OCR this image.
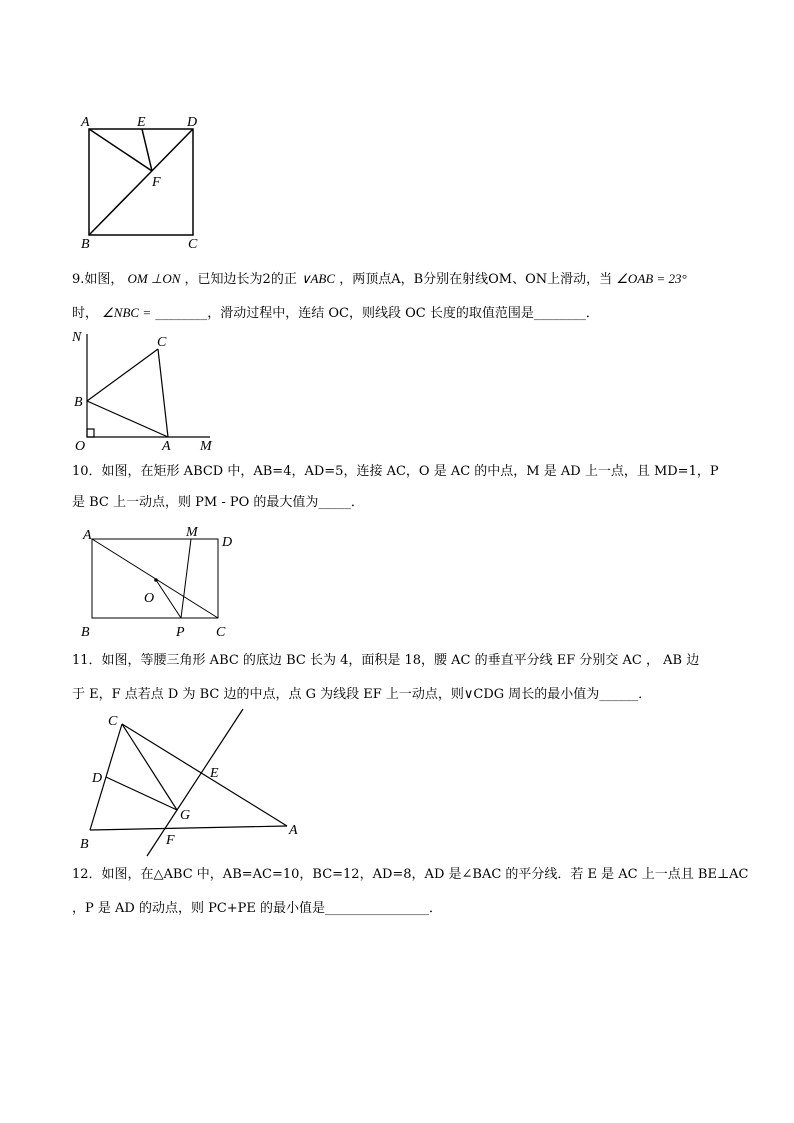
A	E	D
F
B	C
9.如图， OM ⊥ON ，已知边长为2的正 ∨ABC ，两顶点A，B分别在射线OM、ON上滑动，当 ∠OAB = 23°
时， ∠NBC = ________，滑动过程中，连结 OC，则线段 OC 长度的取值范围是________．
N	C
B
O	A M
10．如图，在矩形 ABCD 中，AB=4，AD=5，连接 AC，O 是 AC 的中点，M 是 AD 上一点，且 MD=1，P
是 BC 上一动点，则 PM - PO 的最大值为_____．
A	M
D
O
B	P C
11．如图，等腰三角形 ABC 的底边 BC 长为 4，面积是 18，腰 AC 的垂直平分线 EF 分别交 AC ， AB 边
于 E，F 点若点 D 为 BC 边的中点，点 G 为线段 EF 上一动点，则∨CDG 周长的最小值为______．
C
D	E
G
F
B
A
12．如图，在△ABC 中，AB=AC=10，BC=12，AD=8，AD 是∠BAC 的平分线．若 E 是 AC 上一点且 BE⊥AC
，P 是 AD 的动点，则 PC+PE 的最小值是________________．
